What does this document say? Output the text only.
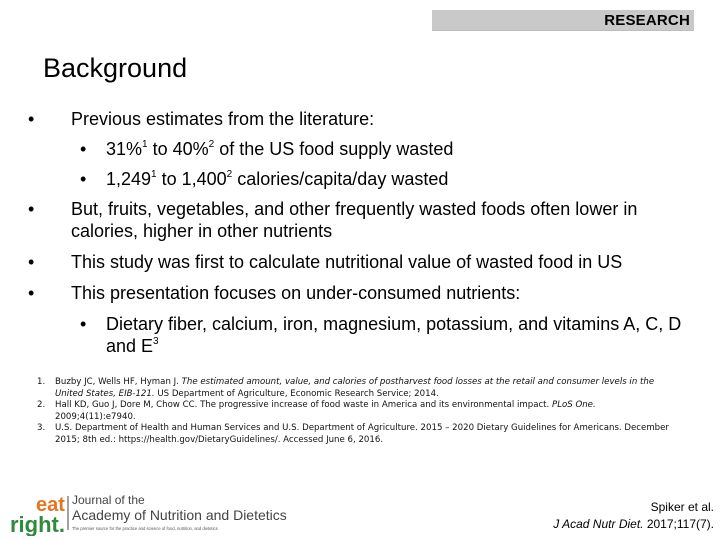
RESEARCH
Background
• Previous estimates from the literature:
• 31%$^1$ to 40%$^2$ of the US food supply wasted
• 1,249$^1$ to 1,400$^2$ calories/capita/day wasted
• But, fruits, vegetables, and other frequently wasted foods often lower in calories, higher in other nutrients
• This study was first to calculate nutritional value of wasted food in US
• This presentation focuses on under-consumed nutrients:
• Dietary fiber, calcium, iron, magnesium, potassium, and vitamins A, C, D and $E^3$
1. Buzby JC, Wells HF, Hyman J. The estimated amount, value, and calories of postharvest food losses at the retail and consumer levels in the United States, EIB-121. US Department of Agriculture, Economic Research Service; 2014.
2. Hall KD, Guo J, Dore M, Chow CC. The progressive increase of food waste in America and its environmental impact. PLoS One. 2009;4(11):e7940.
3. U.S. Department of Health and Human Services and U.S. Department of Agriculture. 2015 – 2020 Dietary Guidelines for Americans. December 2015; 8th ed.: https://health.gov/DietaryGuidelines/. Accessed June 6, 2016.
eat
right.
Journal of the
Academy of Nutrition and Dietetics
The premier source for the practice and science of food, nutrition, and dietetics
Spiker et al.
J Acad Nutr Diet. 2017;117(7).
